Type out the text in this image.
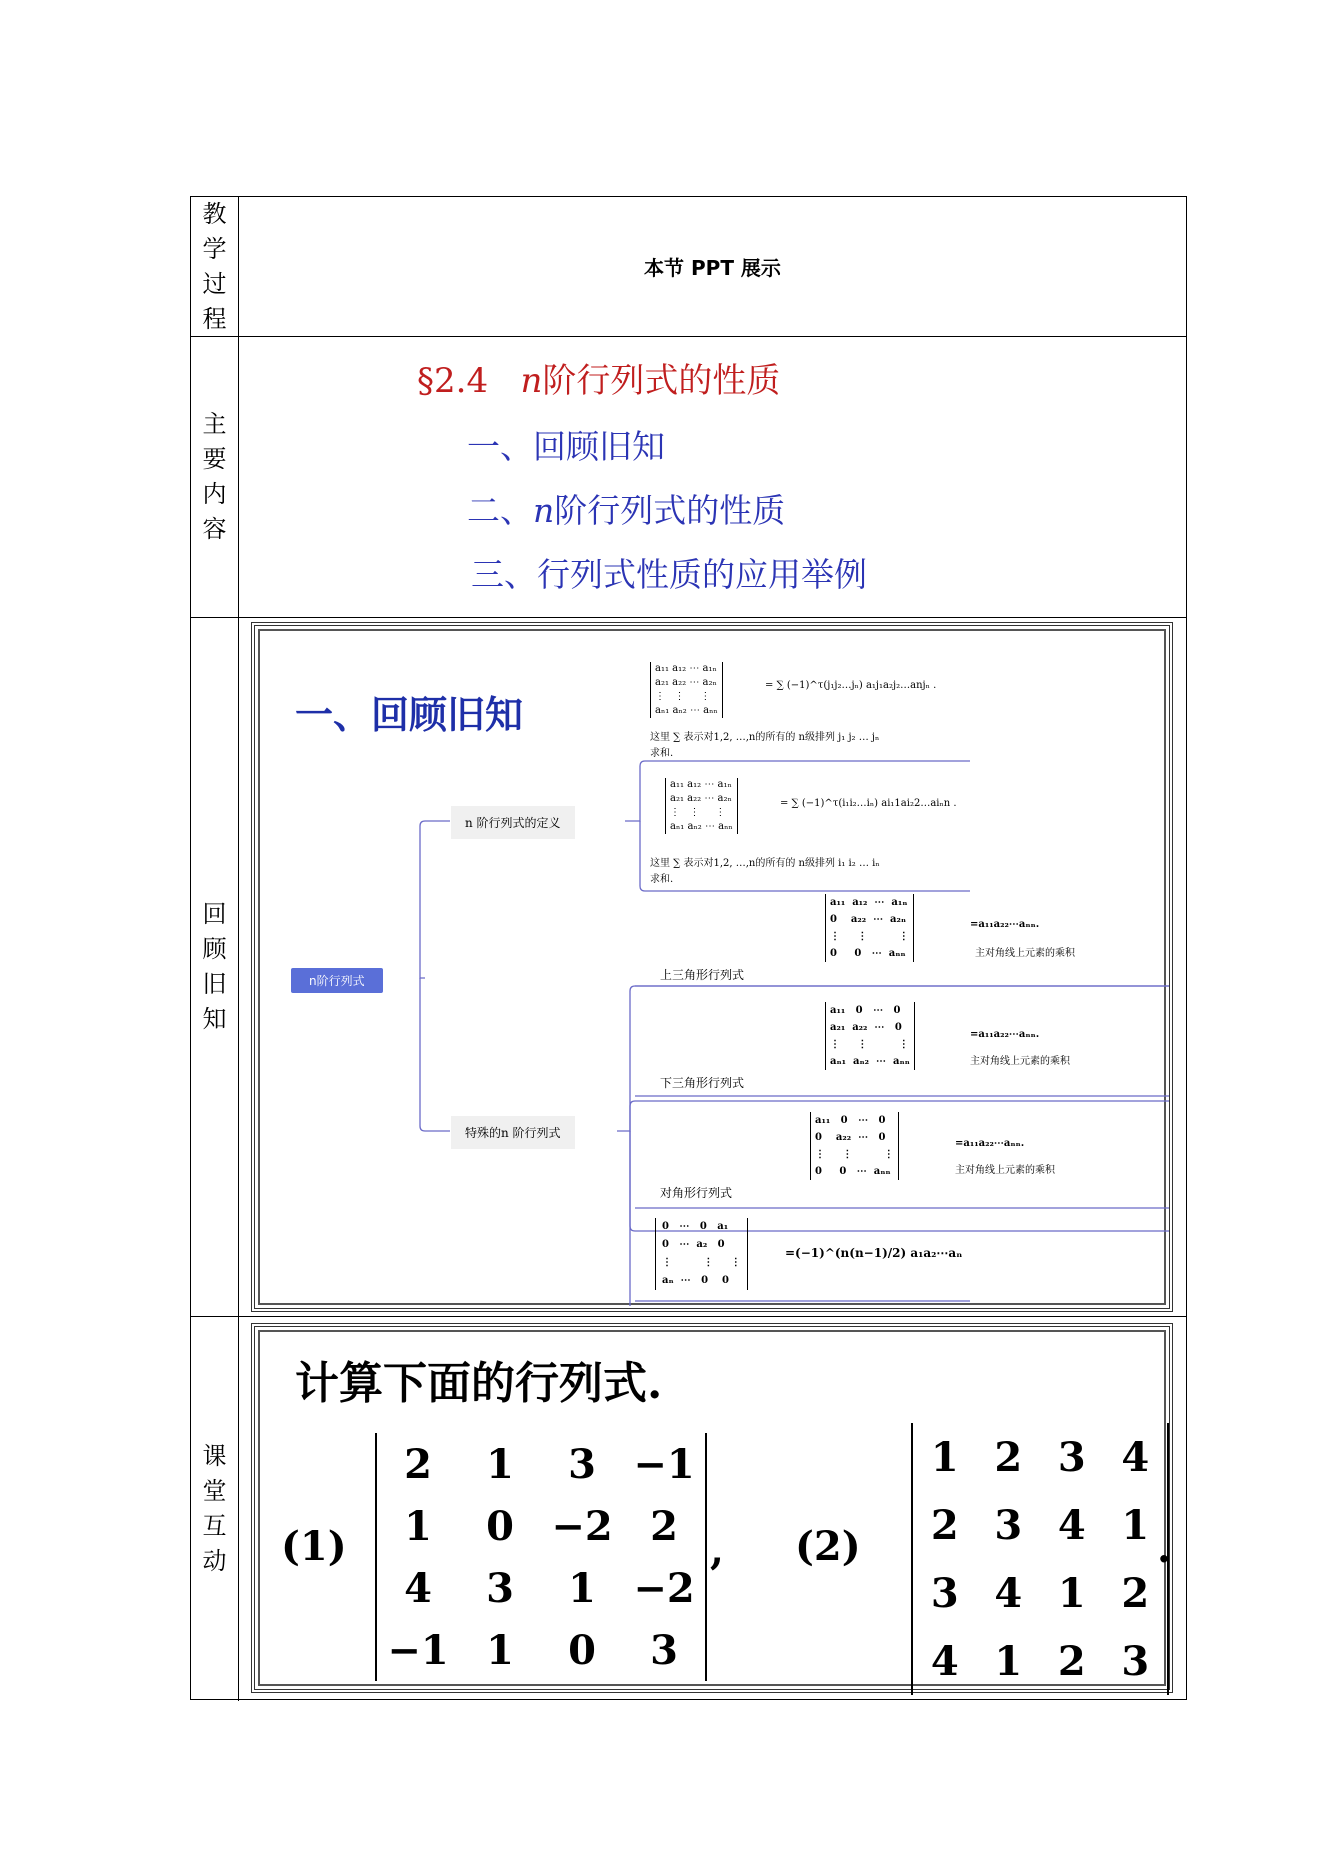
教学过程
本节 PPT 展示
主要内容
§2.4 n阶行列式的性质
一、回顾旧知
二、n阶行列式的性质
三、行列式性质的应用举例
回顾旧知
一、回顾旧知
n阶行列式
n 阶行列式的定义
特殊的n 阶行列式
a₁₁ a₁₂ ⋯ a₁ₙ
a₂₁ a₂₂ ⋯ a₂ₙ
⋮   ⋮     ⋮
aₙ₁ aₙ₂ ⋯ aₙₙ
= ∑ (−1)^τ(j₁j₂…jₙ) a₁j₁a₂j₂…anjₙ .
这里 ∑ 表示对1,2, …,n的所有的 n级排列 j₁ j₂ … jₙ
求和.
a₁₁ a₁₂ ⋯ a₁ₙ
a₂₁ a₂₂ ⋯ a₂ₙ
⋮   ⋮     ⋮
aₙ₁ aₙ₂ ⋯ aₙₙ
= ∑ (−1)^τ(i₁i₂…iₙ) ai₁1ai₂2…aiₙn .
这里 ∑ 表示对1,2, …,n的所有的 n级排列 i₁ i₂ … iₙ
求和.
a₁₁  a₁₂  ⋯  a₁ₙ
0    a₂₂  ⋯  a₂ₙ
⋮     ⋮         ⋮
0     0   ⋯  aₙₙ
=a₁₁a₂₂⋯aₙₙ.
主对角线上元素的乘积
上三角形行列式
a₁₁   0   ⋯   0
a₂₁  a₂₂  ⋯   0
⋮     ⋮         ⋮
aₙ₁  aₙ₂  ⋯  aₙₙ
=a₁₁a₂₂⋯aₙₙ.
主对角线上元素的乘积
下三角形行列式
a₁₁   0   ⋯   0
0    a₂₂  ⋯   0
⋮     ⋮         ⋮
0     0   ⋯  aₙₙ
=a₁₁a₂₂⋯aₙₙ.
主对角线上元素的乘积
对角形行列式
0   ⋯   0   a₁
0   ⋯  a₂   0
⋮         ⋮     ⋮
aₙ  ⋯   0    0
=(−1)^(n(n−1)/2) a₁a₂⋯aₙ
课堂互动
计算下面的行列式.
(1)
2	1	3	−1
1	0	−2	2
4	3	1	−2
−1	1	0	3
, (2)
1	2	3	4
2	3	4	1
3	4	1	2
4	1	2	3
.
